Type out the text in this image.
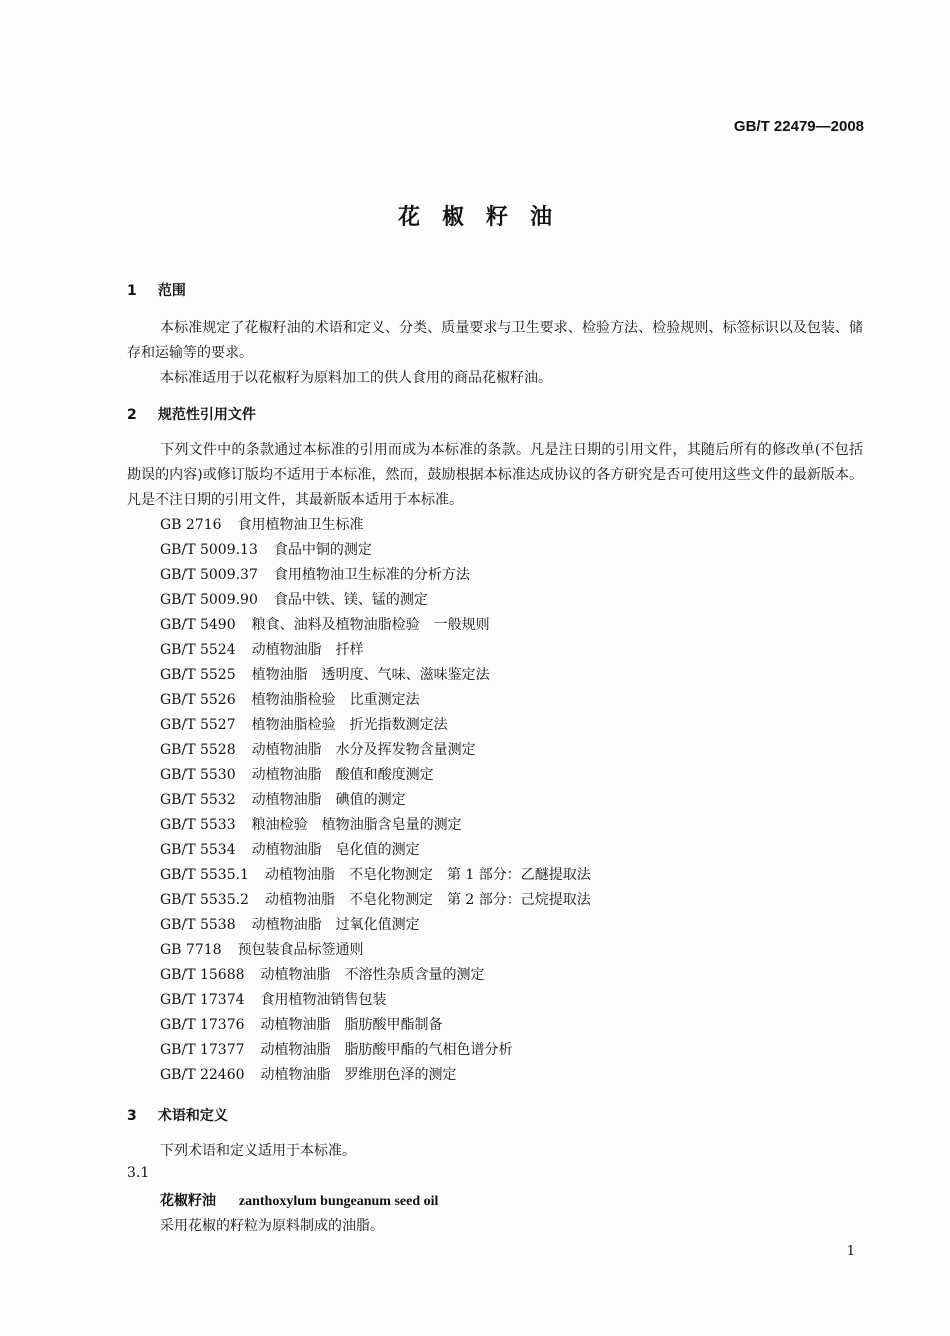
GB/T 22479—2008
花椒籽油
1 范围
本标准规定了花椒籽油的术语和定义、分类、质量要求与卫生要求、检验方法、检验规则、标签标识以及包装、储存和运输等的要求。
本标准适用于以花椒籽为原料加工的供人食用的商品花椒籽油。
2 规范性引用文件
下列文件中的条款通过本标准的引用而成为本标准的条款。凡是注日期的引用文件，其随后所有的修改单(不包括勘误的内容)或修订版均不适用于本标准，然而，鼓励根据本标准达成协议的各方研究是否可使用这些文件的最新版本。凡是不注日期的引用文件，其最新版本适用于本标准。
GB 2716 食用植物油卫生标准
GB/T 5009.13 食品中铜的测定
GB/T 5009.37 食用植物油卫生标准的分析方法
GB/T 5009.90 食品中铁、镁、锰的测定
GB/T 5490 粮食、油料及植物油脂检验　一般规则
GB/T 5524 动植物油脂　扦样
GB/T 5525 植物油脂　透明度、气味、滋味鉴定法
GB/T 5526 植物油脂检验　比重测定法
GB/T 5527 植物油脂检验　折光指数测定法
GB/T 5528 动植物油脂　水分及挥发物含量测定
GB/T 5530 动植物油脂　酸值和酸度测定
GB/T 5532 动植物油脂　碘值的测定
GB/T 5533 粮油检验　植物油脂含皂量的测定
GB/T 5534 动植物油脂　皂化值的测定
GB/T 5535.1 动植物油脂　不皂化物测定　第 1 部分：乙醚提取法
GB/T 5535.2 动植物油脂　不皂化物测定　第 2 部分：己烷提取法
GB/T 5538 动植物油脂　过氧化值测定
GB 7718 预包装食品标签通则
GB/T 15688 动植物油脂　不溶性杂质含量的测定
GB/T 17374 食用植物油销售包装
GB/T 17376 动植物油脂　脂肪酸甲酯制备
GB/T 17377 动植物油脂　脂肪酸甲酯的气相色谱分析
GB/T 22460 动植物油脂　罗维朋色泽的测定
3 术语和定义
下列术语和定义适用于本标准。
3.1
花椒籽油 zanthoxylum bungeanum seed oil
采用花椒的籽粒为原料制成的油脂。
1
